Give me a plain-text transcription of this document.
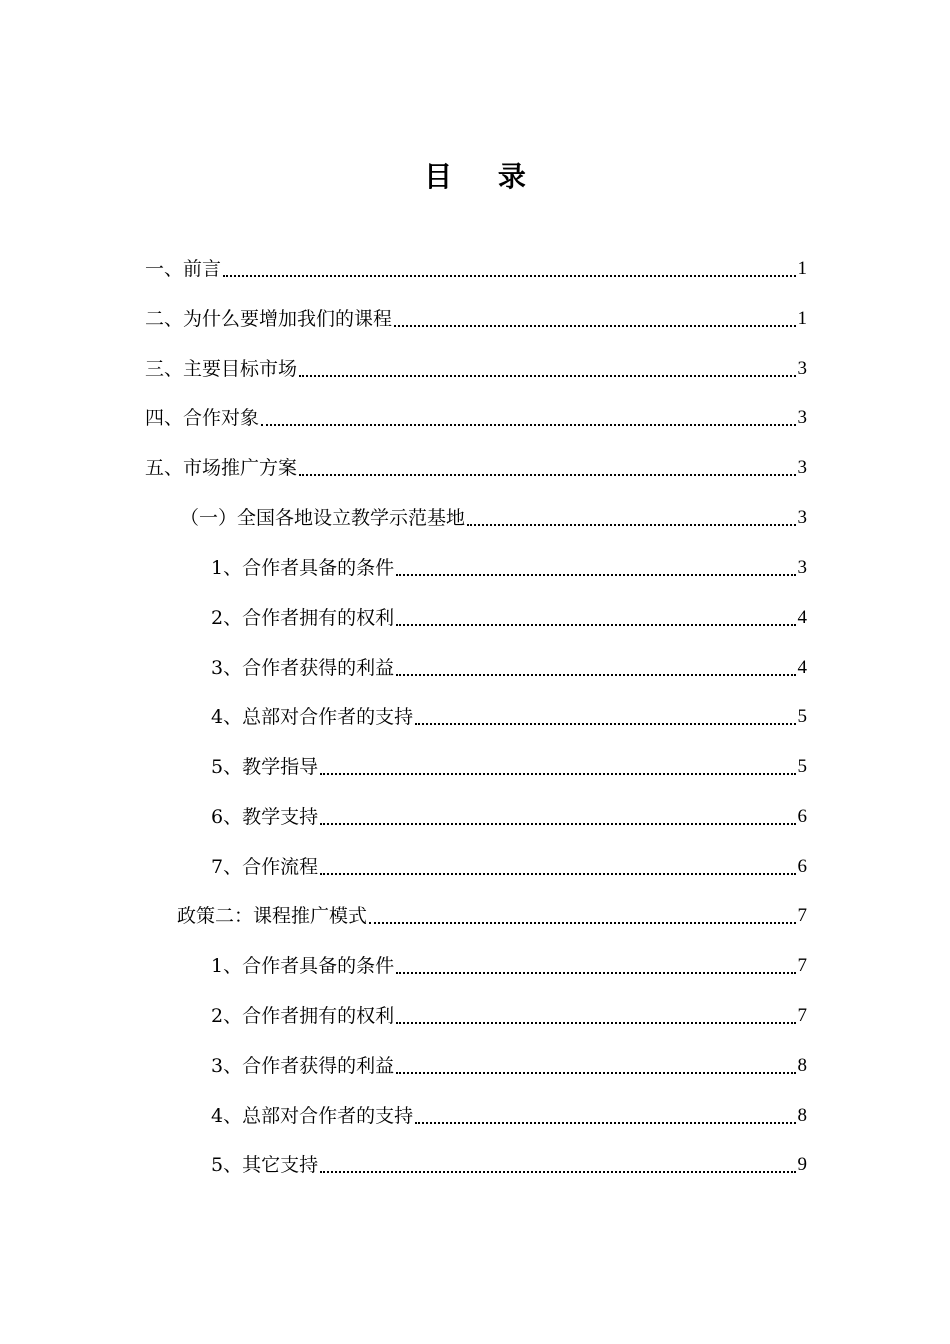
目 录
一、前言	1
二、为什么要增加我们的课程	1
三、主要目标市场	3
四、合作对象	3
五、市场推广方案	3
（一）全国各地设立教学示范基地	3
1、合作者具备的条件	3
2、合作者拥有的权利	4
3、合作者获得的利益	4
4、总部对合作者的支持	5
5、教学指导	5
6、教学支持	6
7、合作流程	6
政策二：课程推广模式	7
1、合作者具备的条件	7
2、合作者拥有的权利	7
3、合作者获得的利益	8
4、总部对合作者的支持	8
5、其它支持	9
